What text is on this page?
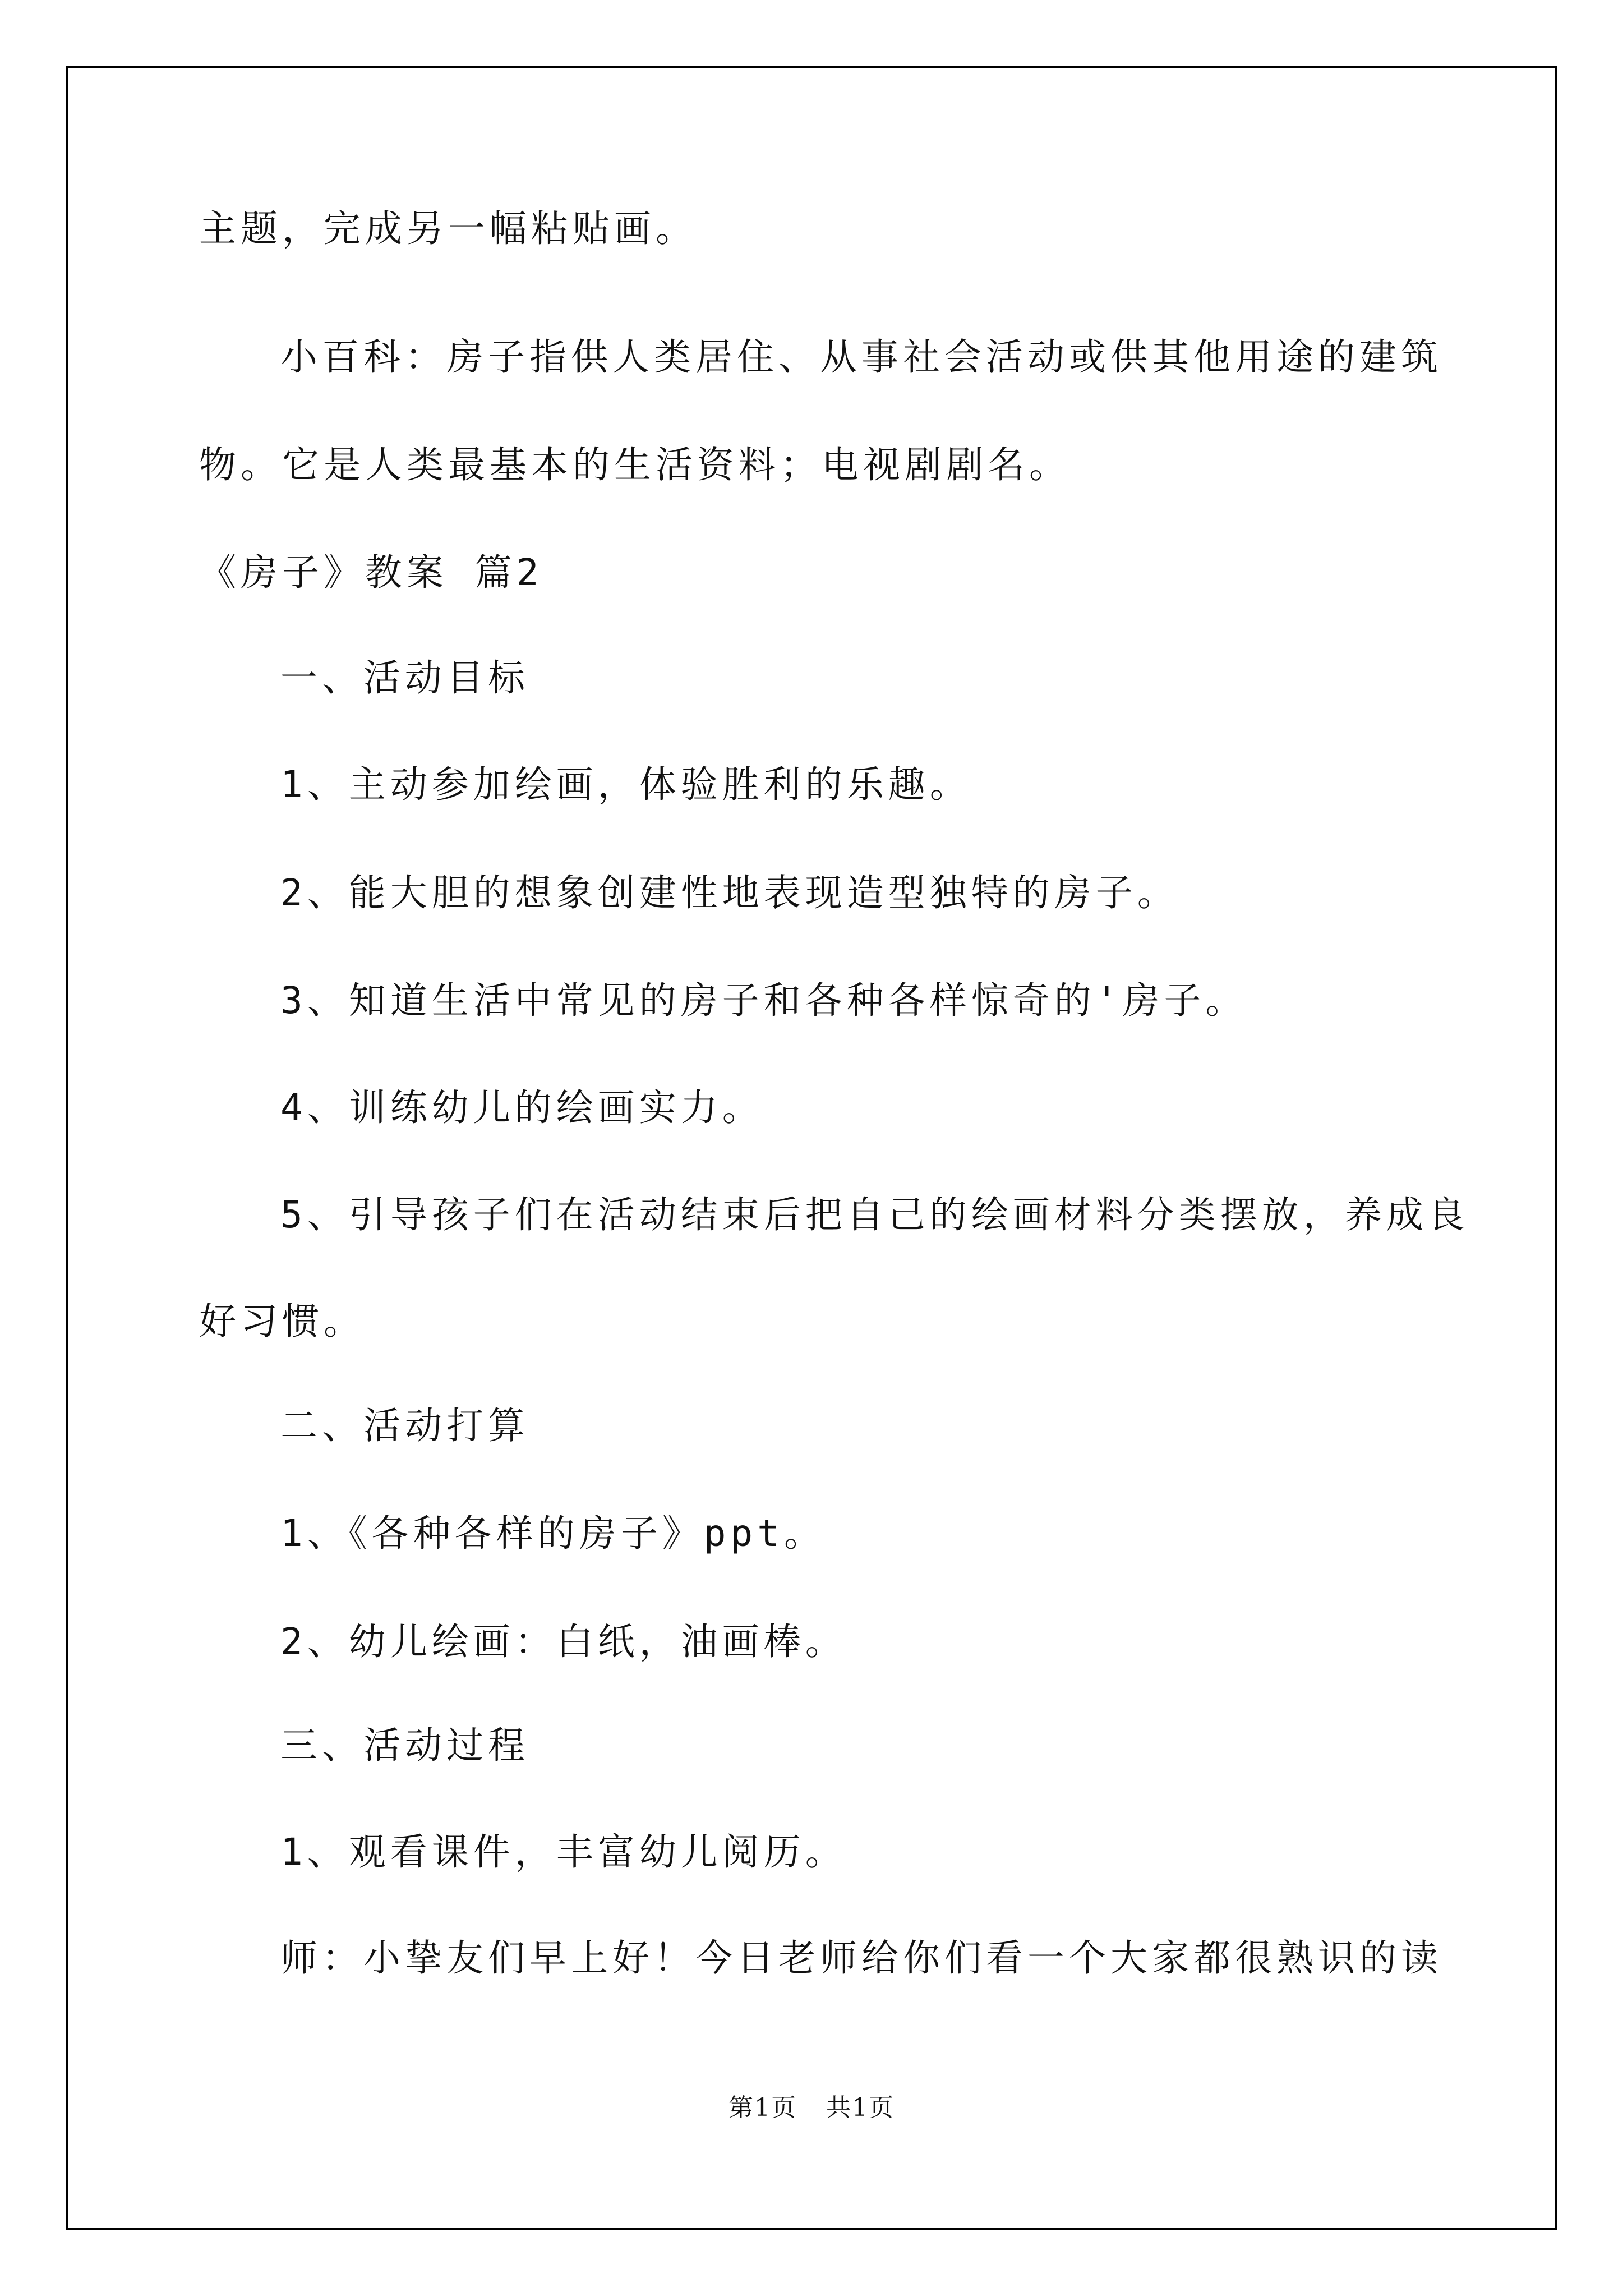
主题，完成另一幅粘贴画。
小百科：房子指供人类居住、从事社会活动或供其他用途的建筑
物。它是人类最基本的生活资料；电视剧剧名。
《房子》教案 篇2
一、活动目标
1、主动参加绘画，体验胜利的乐趣。
2、能大胆的想象创建性地表现造型独特的房子。
3、知道生活中常见的房子和各种各样惊奇的'房子。
4、训练幼儿的绘画实力。
5、引导孩子们在活动结束后把自己的绘画材料分类摆放，养成良
好习惯。
二、活动打算
1、《各种各样的房子》ppt。
2、幼儿绘画：白纸，油画棒。
三、活动过程
1、观看课件，丰富幼儿阅历。
师：小挚友们早上好！今日老师给你们看一个大家都很熟识的读
第1页 共1页
